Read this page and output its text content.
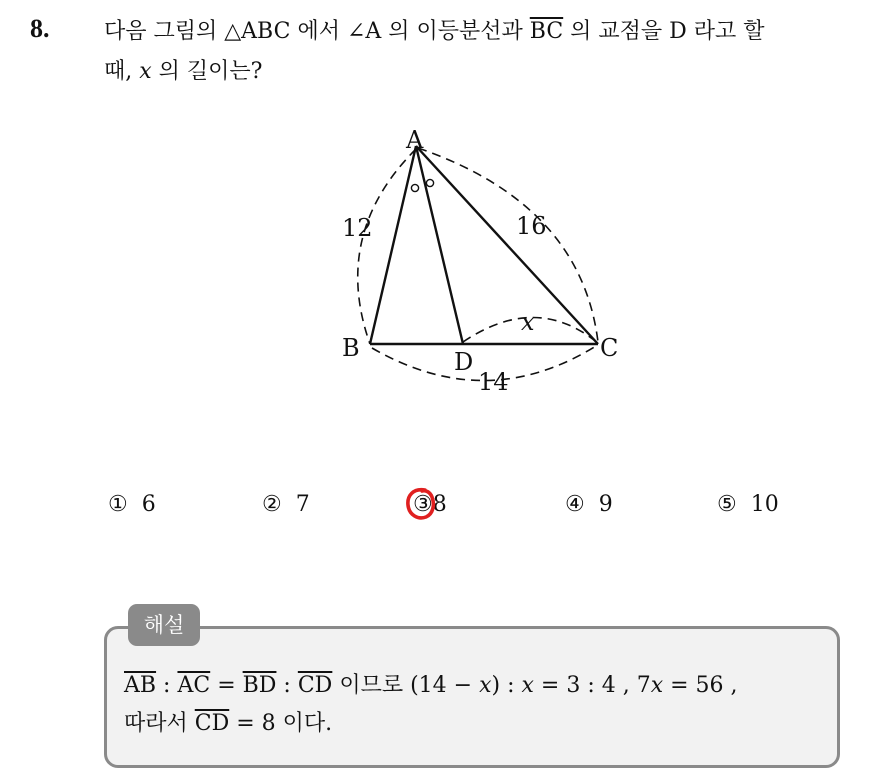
8. 다음 그림의 △ABC 에서 ∠A 의 이등분선과 $\overline{BC}$ 의 교점을 D 라고 할
때, x 의 길이는?
A
B	C
D
12	16
14
x
① 6	② 7	③8	④ 9	⑤ 10
해설
$\overline{AB}$ : $\overline{AC} = \overline{BD}$ : $\overline{CD}$ 이므로 (14 − x) : x = 3 : 4 , 7x = 56 ,
따라서 $\overline{CD} = 8$ 이다.
